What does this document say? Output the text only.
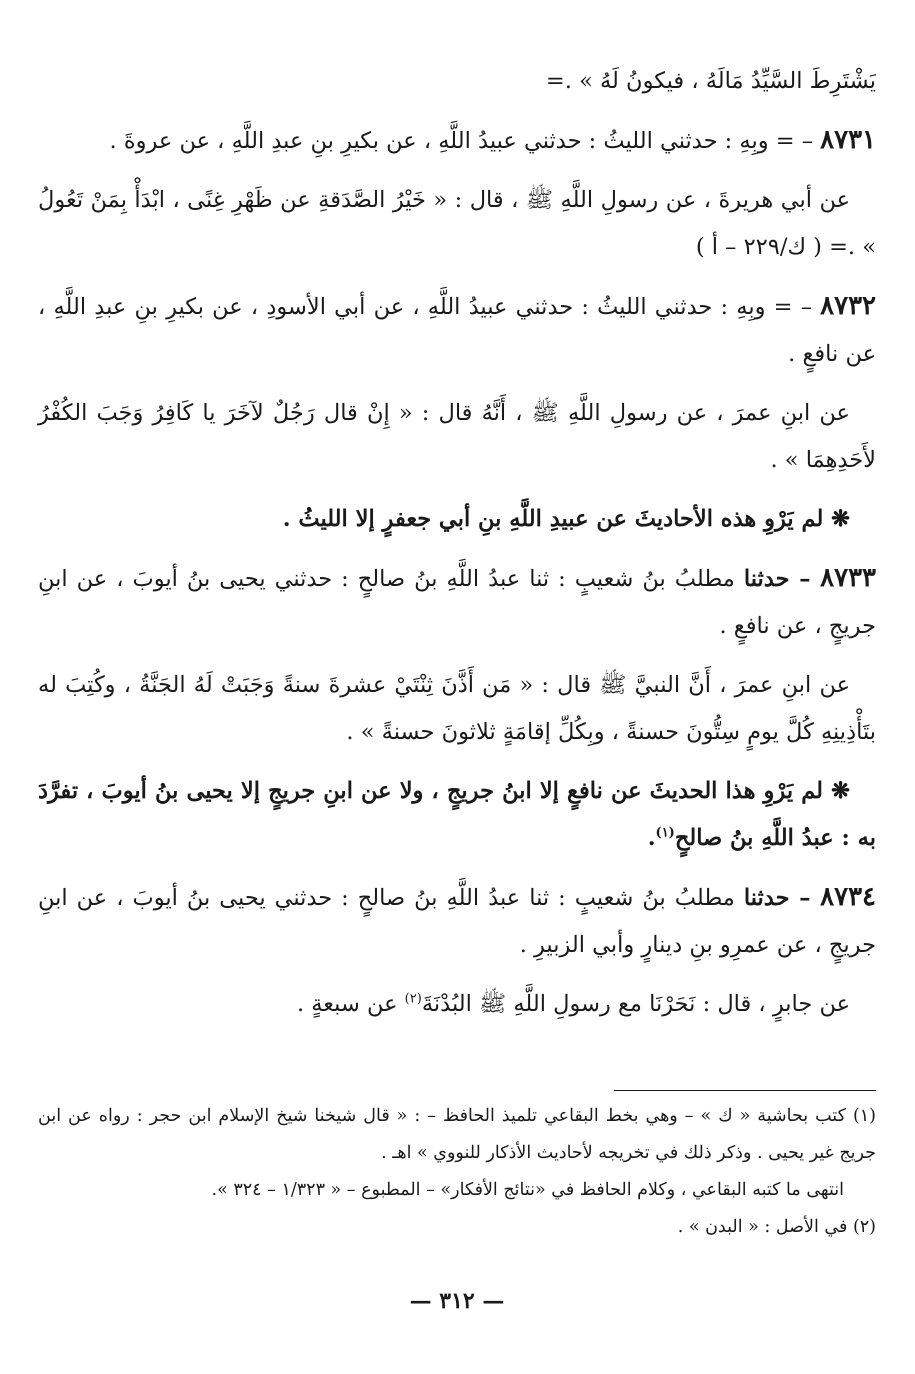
يَشْتَرِطَ السَّيِّدُ مَالَهُ ، فيكونُ لَهُ » .=

٨٧٣١ – = وبِهِ : حدثني الليثُ : حدثني عبيدُ اللَّهِ ، عن بكيرِ بنِ عبدِ اللَّهِ ، عن عروةَ .

عن أبي هريرةَ ، عن رسولِ اللَّهِ ﷺ ، قال : « خَيْرُ الصَّدَقةِ عن ظَهْرِ غِنًى ، ابْدَأْ بِمَنْ تَعُولُ » .= ( ك/٢٢٩ – أ )

٨٧٣٢ – = وبِهِ : حدثني الليثُ : حدثني عبيدُ اللَّهِ ، عن أبي الأسودِ ، عن بكيرِ بنِ عبدِ اللَّهِ ، عن نافعٍ .

عن ابنِ عمرَ ، عن رسولِ اللَّهِ ﷺ ، أَنَّهُ قال : « إِنْ قال رَجُلٌ لآخَرَ يا كَافِرُ وَجَبَ الكُفْرُ لأَحَدِهِمَا » .

❋ لم يَرْوِ هذه الأحاديثَ عن عبيدِ اللَّهِ بنِ أبي جعفرٍ إلا الليثُ .

٨٧٣٣ – حدثنا مطلبُ بنُ شعيبٍ : ثنا عبدُ اللَّهِ بنُ صالحٍ : حدثني يحيى بنُ أيوبَ ، عن ابنِ جريجٍ ، عن نافعٍ .

عن ابنِ عمرَ ، أَنَّ النبيَّ ﷺ قال : « مَن أَذَّنَ ثِنْتَيْ عشرةَ سنةً وَجَبَتْ لَهُ الجَنَّةُ ، وكُتِبَ له بتَأْذِينِهِ كُلَّ يومٍ سِتُّونَ حسنةً ، وبِكُلِّ إقامَةٍ ثلاثونَ حسنةً » .

❋ لم يَرْوِ هذا الحديثَ عن نافعٍ إلا ابنُ جريجٍ ، ولا عن ابنِ جريجٍ إلا يحيى بنُ أيوبَ ، تفرَّدَ به : عبدُ اللَّهِ بنُ صالحٍ$^{(١)}$.

٨٧٣٤ – حدثنا مطلبُ بنُ شعيبٍ : ثنا عبدُ اللَّهِ بنُ صالحٍ : حدثني يحيى بنُ أيوبَ ، عن ابنِ جريجٍ ، عن عمرِو بنِ دينارٍ وأبي الزبيرِ .

عن جابرٍ ، قال : نَحَرْنَا مع رسولِ اللَّهِ ﷺ البُدْنَةَ$^{(٢)}$ عن سبعةٍ .

(١) كتب بحاشية « ك » – وهي بخط البقاعي تلميذ الحافظ – : « قال شيخنا شيخ الإسلام ابن حجر : رواه عن ابن جريج غير يحيى . وذكر ذلك في تخريجه لأحاديث الأذكار للنووي » اهـ .

انتهى ما كتبه البقاعي ، وكلام الحافظ في «نتائج الأفكار» – المطبوع – « ١/٣٢٣ – ٣٢٤ ».

(٢) في الأصل : « البدن » .

— ٣١٢ —
